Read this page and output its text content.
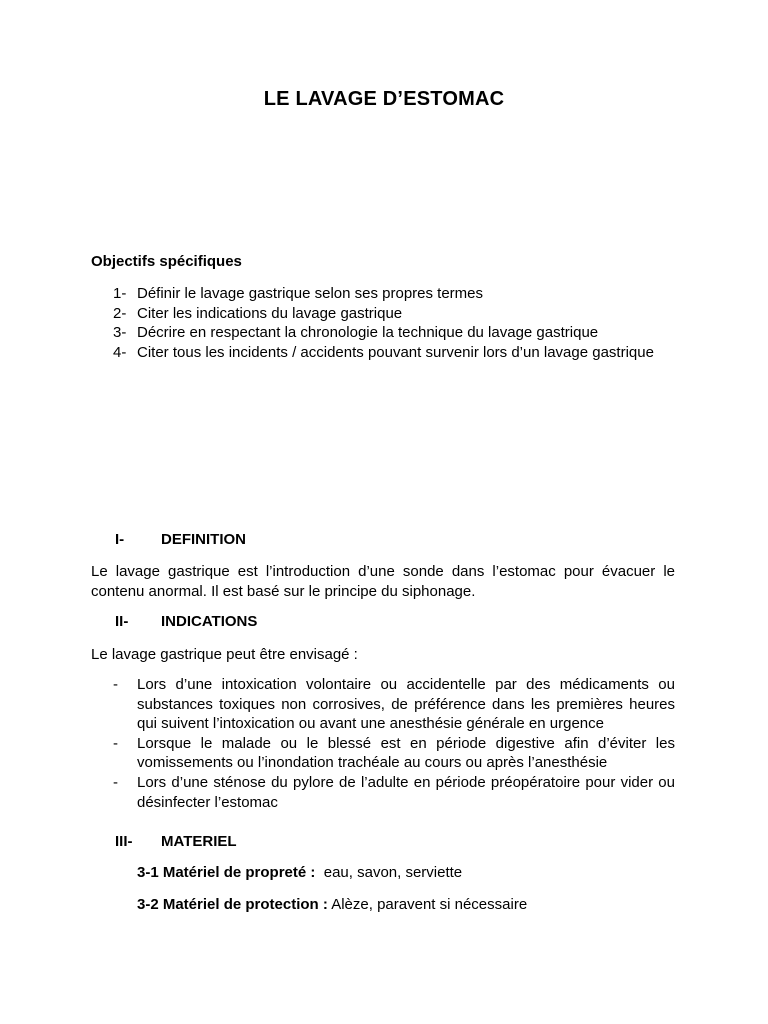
LE LAVAGE D’ESTOMAC
Objectifs spécifiques
1- Définir le lavage gastrique selon ses propres termes
2- Citer les indications du lavage gastrique
3- Décrire en respectant la chronologie la technique du lavage gastrique
4- Citer tous les incidents / accidents pouvant survenir lors d’un lavage gastrique
I-	DEFINITION
Le lavage gastrique est l’introduction d’une sonde dans l’estomac pour évacuer le contenu anormal. Il est basé sur le principe du siphonage.
II-	INDICATIONS
Le lavage gastrique peut être envisagé :
-	Lors d’une intoxication volontaire ou accidentelle par des médicaments ou substances toxiques non corrosives, de préférence dans les premières heures qui suivent l’intoxication ou avant une anesthésie générale en urgence
-	Lorsque le malade ou le blessé est en période digestive afin d’éviter les vomissements ou l’inondation trachéale au cours ou après l’anesthésie
-	Lors d’une sténose du pylore de l’adulte en période préopératoire pour vider ou désinfecter l’estomac
III-	MATERIEL
3-1 Matériel de propreté : eau, savon, serviette
3-2 Matériel de protection : Alèze, paravent si nécessaire
